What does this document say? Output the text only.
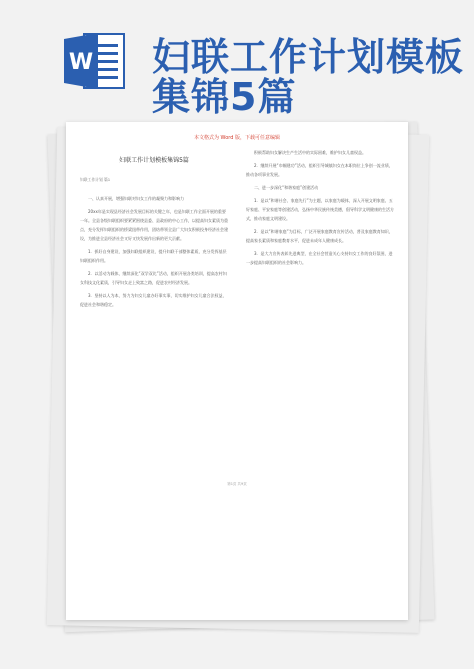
W 妇联工作计划模板
集锦5篇
本文格式为 Word 版，下载可任意编辑
妇联工作计划模板集锦5篇
妇联工作计划 篇1

一、认真开展，增强妇联对妇女工作的凝聚力和影响力

20xx年是实现县经济社会发展目标的关键之年，也是妇联工作全面开展的重要一年。全县各级妇联组织要紧紧围绕县委、县政府的中心工作，以提高妇女素质为重点，充分发挥妇联组织的桥梁纽带作用，团结带领全县广大妇女积极投身经济社会建设，为推进全县经济社会又好又快发展作出新的更大贡献。

1．抓好自身建设，加强妇联组织建设，提升妇联干部整体素质，充分发挥基层妇联组织作用。

2．以活动为载体，继续深化“双学双比”活动，组织开展各类培训，提高农村妇女科技文化素质，引导妇女走上致富之路，促进农村经济发展。

3．坚持以人为本，努力为妇女儿童办好事实事，切实维护妇女儿童合法权益，促进社会和谐稳定。

积极帮助妇女解决生产生活中的实际困难，维护妇女儿童权益。

2．继续开展“巾帼建功”活动，组织引导城镇妇女在本职岗位上争创一流业绩，推动各项事业发展。

二、进一步深化“和谐家庭”创建活动

1．是以“和谐社会、家庭先行”为主题，以家庭为载体，深入开展文明家庭、五好家庭、平安家庭等创建活动，弘扬中华民族传统美德，倡导科学文明健康的生活方式，推动家庭文明建设。

2．是以“和谐家庭”为目标，广泛开展家庭教育宣传活动，普及家庭教育知识，提高家长素质和家庭教育水平，促进未成年人健康成长。

3．是大力宣传表彰先进典型，在全社会营造关心支持妇女工作的良好氛围，进一步提高妇联组织的社会影响力。

第1页 共9页
